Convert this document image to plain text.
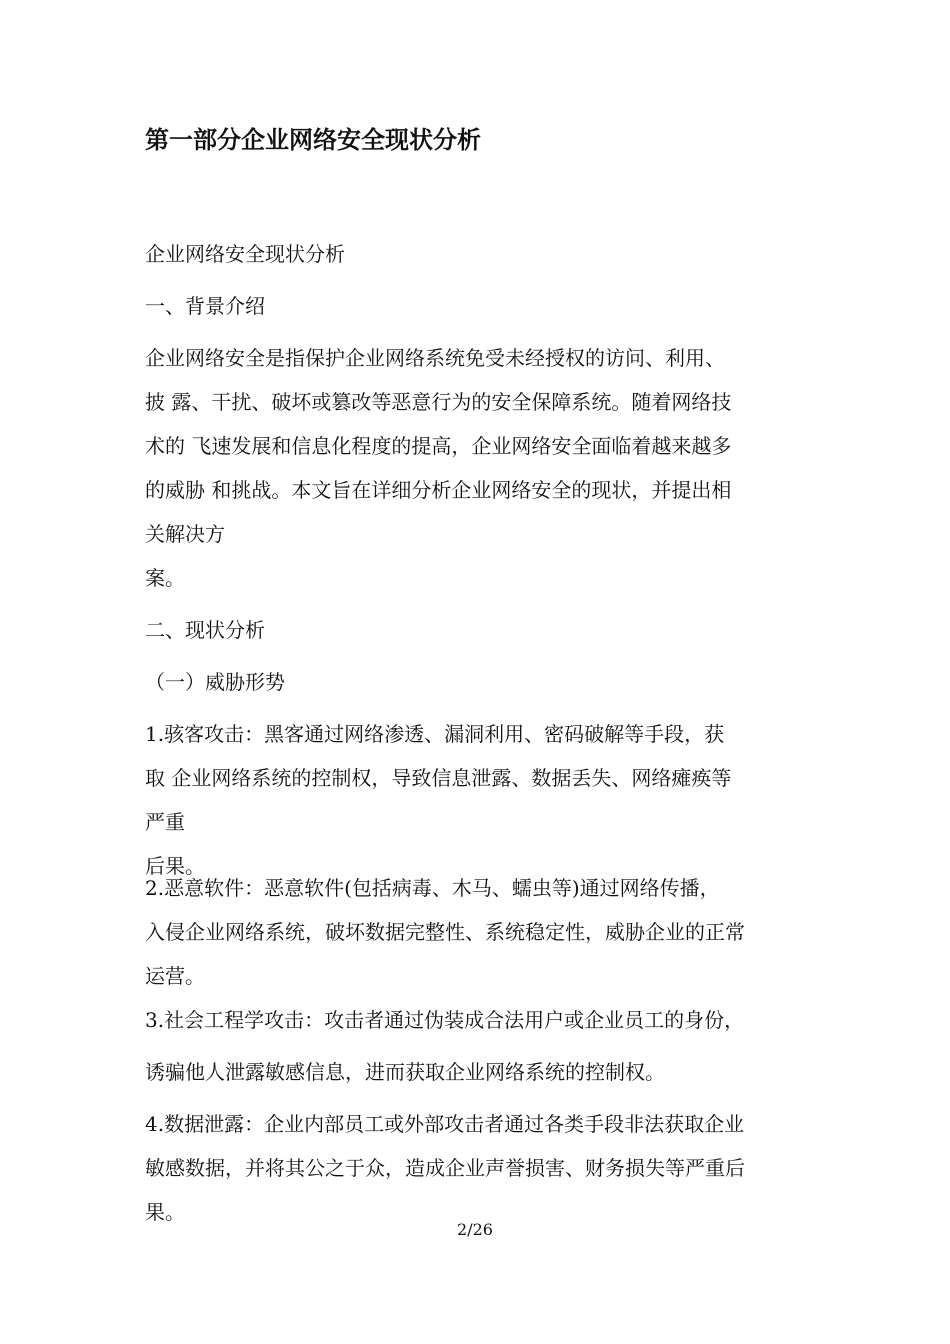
第一部分企业网络安全现状分析
企业网络安全现状分析
一、背景介绍
企业网络安全是指保护企业网络系统免受未经授权的访问、利用、
披 露、干扰、破坏或篡改等恶意行为的安全保障系统。随着网络技
术的 飞速发展和信息化程度的提高，企业网络安全面临着越来越多
的威胁 和挑战。本文旨在详细分析企业网络安全的现状，并提出相
关解决方
案。
二、现状分析
（一）威胁形势
1.骇客攻击：黑客通过网络渗透、漏洞利用、密码破解等手段，获
取 企业网络系统的控制权，导致信息泄露、数据丢失、网络瘫痪等
严重
后果。
2.恶意软件：恶意软件(包括病毒、木马、蠕虫等)通过网络传播，
入侵企业网络系统，破坏数据完整性、系统稳定性，威胁企业的正常
运营。
3.社会工程学攻击：攻击者通过伪装成合法用户或企业员工的身份，
诱骗他人泄露敏感信息，进而获取企业网络系统的控制权。
4.数据泄露：企业内部员工或外部攻击者通过各类手段非法获取企业
敏感数据，并将其公之于众，造成企业声誉损害、财务损失等严重后
果。
2/26
